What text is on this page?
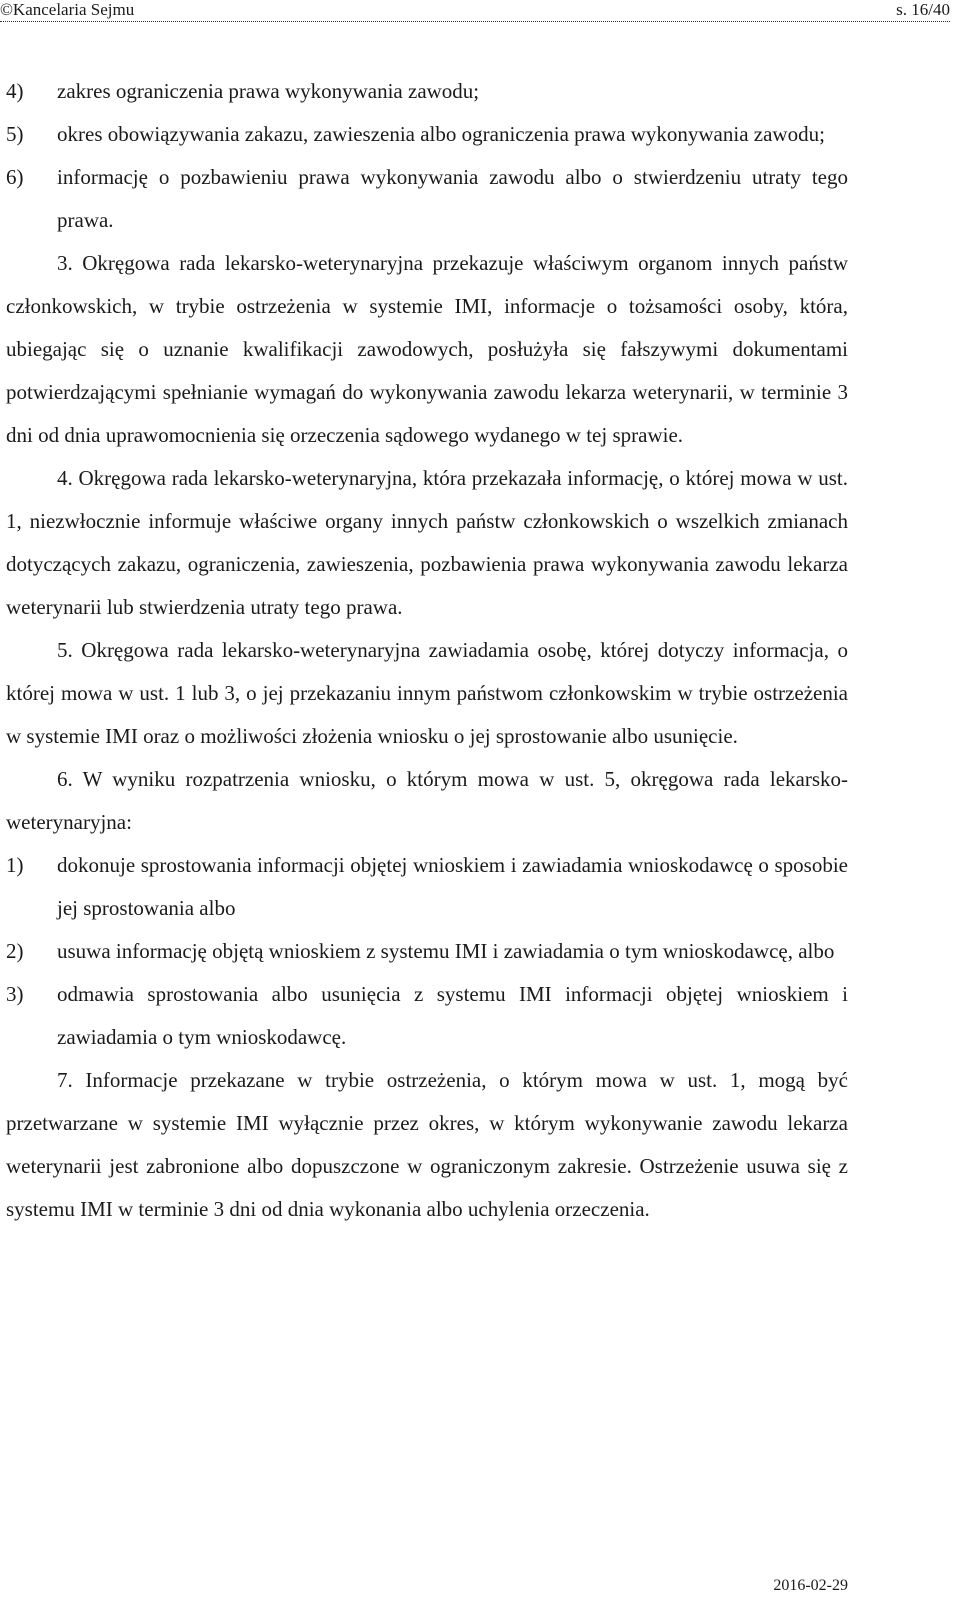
©Kancelaria Sejmu	s. 16/40
4)	zakres ograniczenia prawa wykonywania zawodu;
5)	okres obowiązywania zakazu, zawieszenia albo ograniczenia prawa wykonywania zawodu;
6)	informację o pozbawieniu prawa wykonywania zawodu albo o stwierdzeniu utraty tego prawa.

3. Okręgowa rada lekarsko-weterynaryjna przekazuje właściwym organom innych państw członkowskich, w trybie ostrzeżenia w systemie IMI, informacje o tożsamości osoby, która, ubiegając się o uznanie kwalifikacji zawodowych, posłużyła się fałszywymi dokumentami potwierdzającymi spełnianie wymagań do wykonywania zawodu lekarza weterynarii, w terminie 3 dni od dnia uprawomocnienia się orzeczenia sądowego wydanego w tej sprawie.

4. Okręgowa rada lekarsko-weterynaryjna, która przekazała informację, o której mowa w ust. 1, niezwłocznie informuje właściwe organy innych państw członkowskich o wszelkich zmianach dotyczących zakazu, ograniczenia, zawieszenia, pozbawienia prawa wykonywania zawodu lekarza weterynarii lub stwierdzenia utraty tego prawa.

5. Okręgowa rada lekarsko-weterynaryjna zawiadamia osobę, której dotyczy informacja, o której mowa w ust. 1 lub 3, o jej przekazaniu innym państwom członkowskim w trybie ostrzeżenia w systemie IMI oraz o możliwości złożenia wniosku o jej sprostowanie albo usunięcie.

6. W wyniku rozpatrzenia wniosku, o którym mowa w ust. 5, okręgowa rada lekarsko-weterynaryjna:

1)	dokonuje sprostowania informacji objętej wnioskiem i zawiadamia wnioskodawcę o sposobie jej sprostowania albo
2)	usuwa informację objętą wnioskiem z systemu IMI i zawiadamia o tym wnioskodawcę, albo
3)	odmawia sprostowania albo usunięcia z systemu IMI informacji objętej wnioskiem i zawiadamia o tym wnioskodawcę.

7. Informacje przekazane w trybie ostrzeżenia, o którym mowa w ust. 1, mogą być przetwarzane w systemie IMI wyłącznie przez okres, w którym wykonywanie zawodu lekarza weterynarii jest zabronione albo dopuszczone w ograniczonym zakresie. Ostrzeżenie usuwa się z systemu IMI w terminie 3 dni od dnia wykonania albo uchylenia orzeczenia.

2016-02-29
